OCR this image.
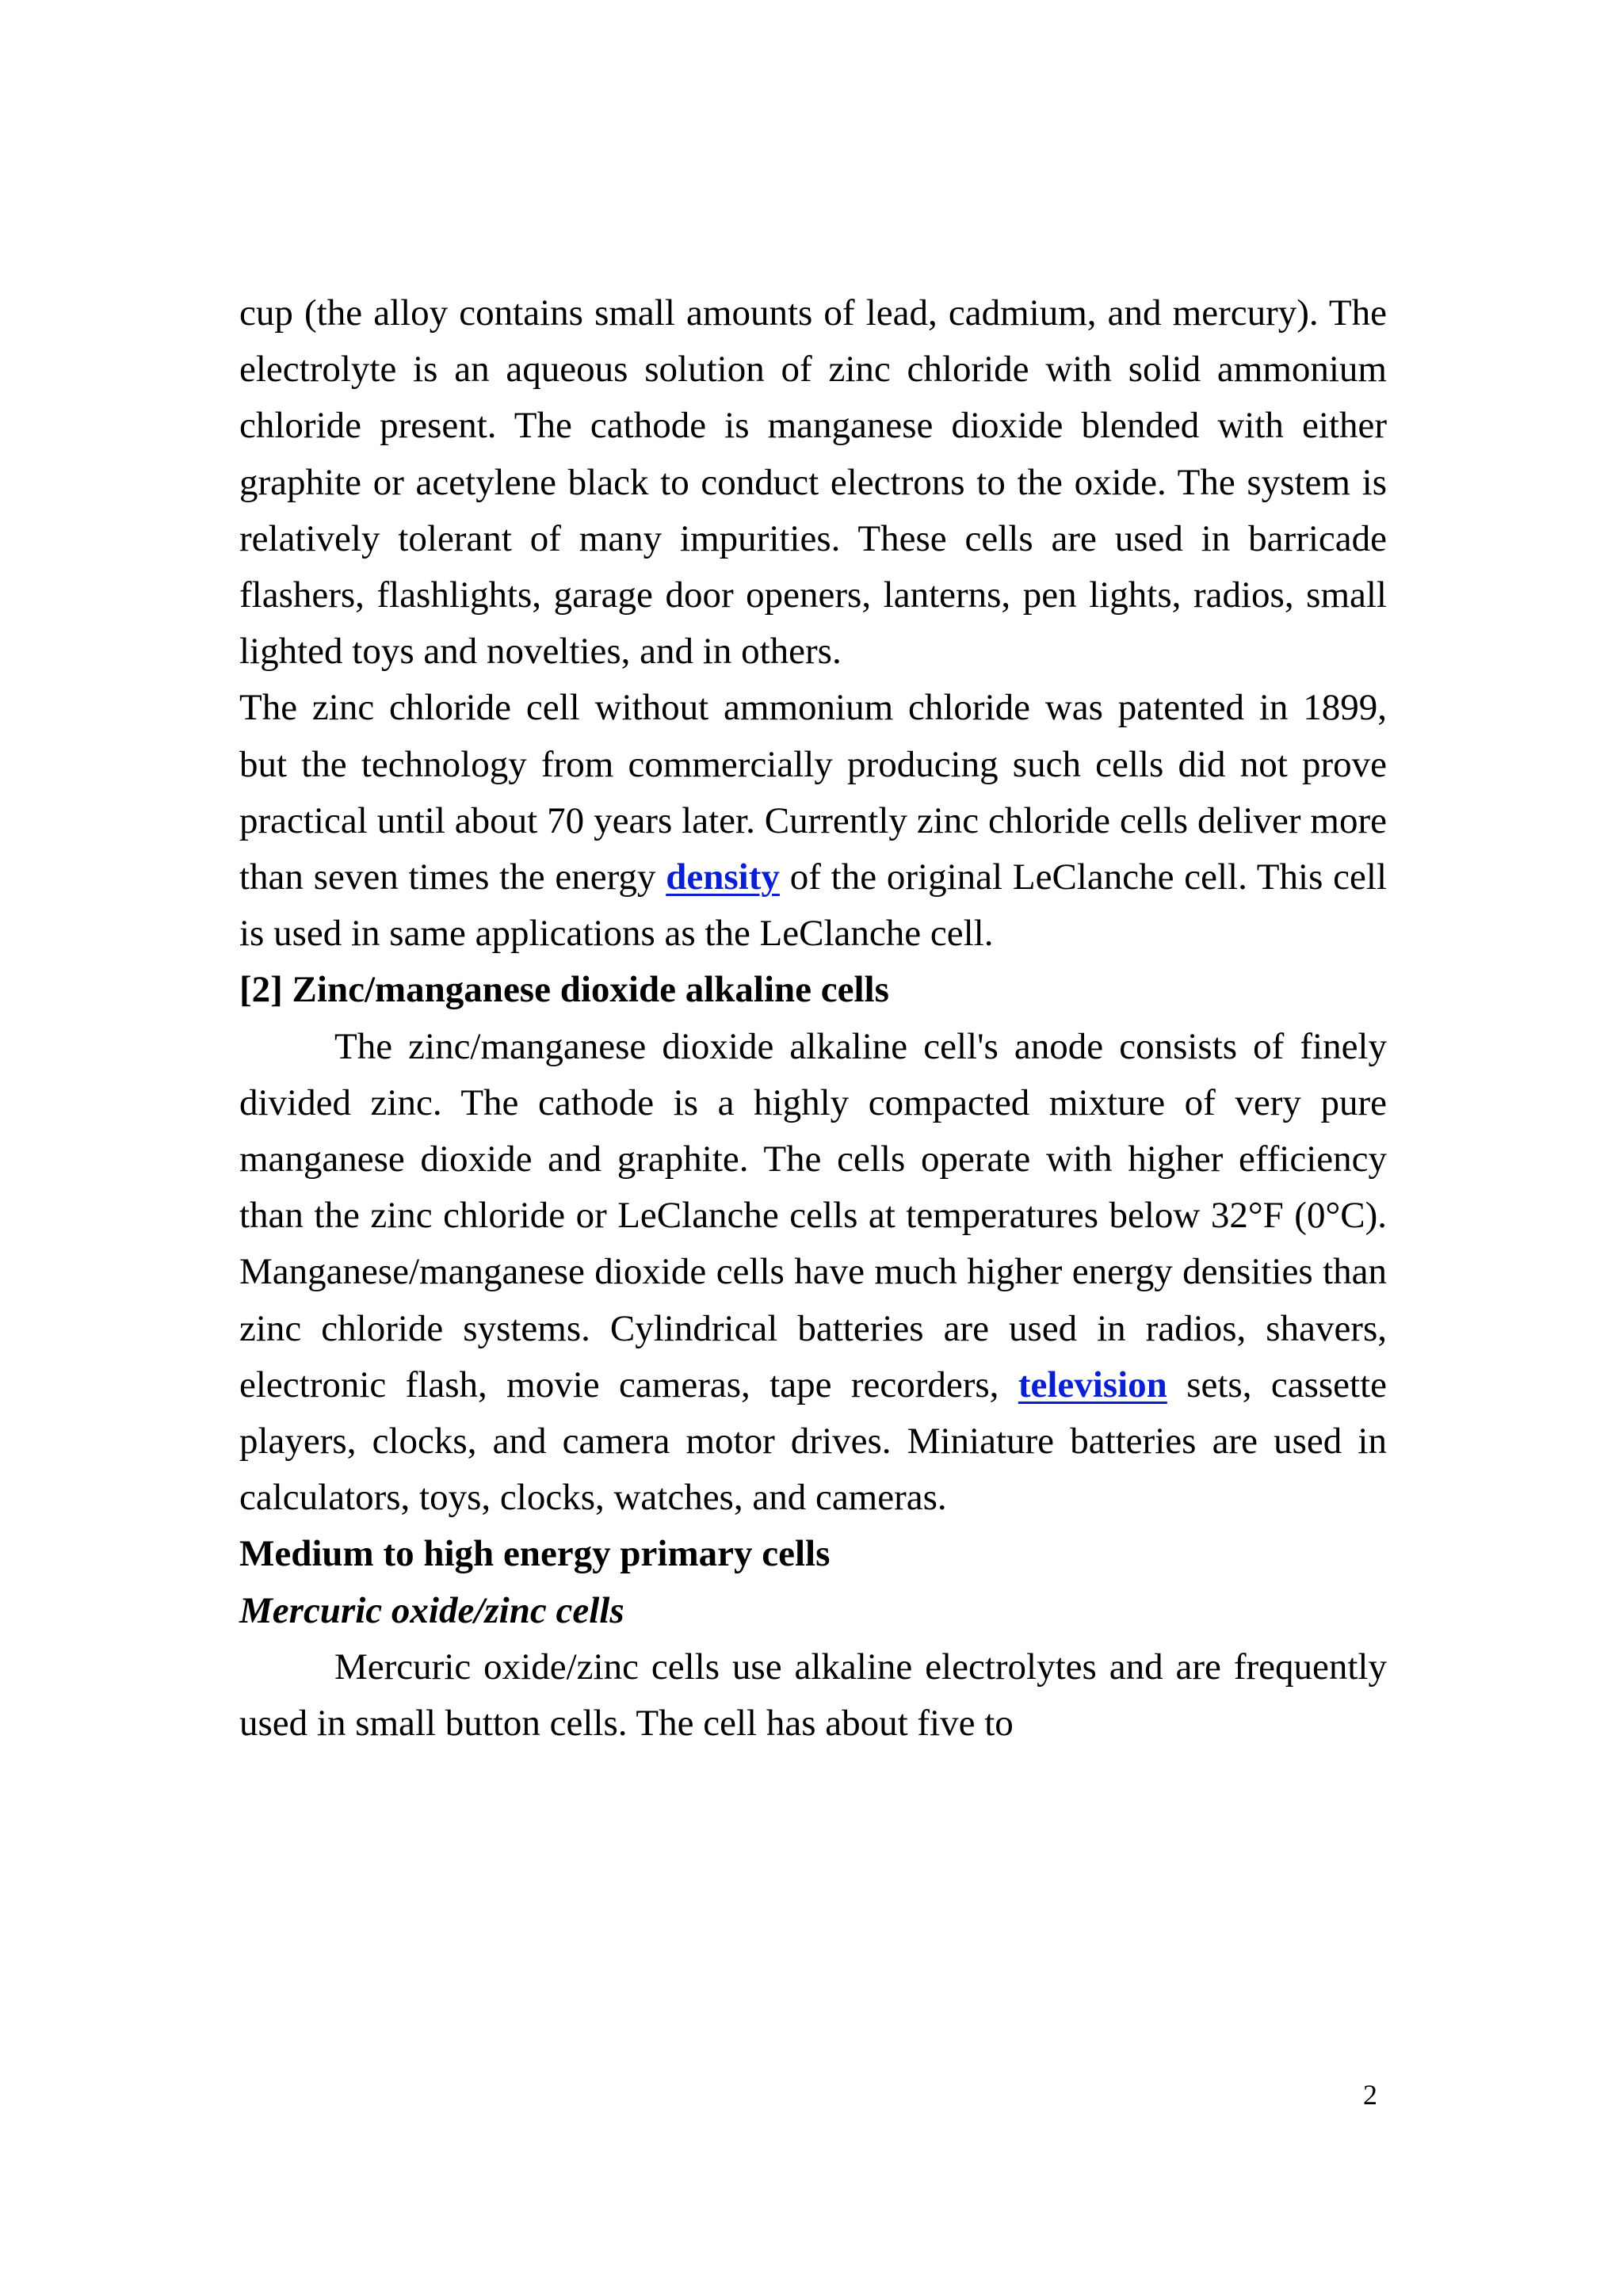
cup (the alloy contains small amounts of lead, cadmium, and mercury). The electrolyte is an aqueous solution of zinc chloride with solid ammonium chloride present. The cathode is manganese dioxide blended with either graphite or acetylene black to conduct electrons to the oxide. The system is relatively tolerant of many impurities. These cells are used in barricade flashers, flashlights, garage door openers, lanterns, pen lights, radios, small lighted toys and novelties, and in others.

The zinc chloride cell without ammonium chloride was patented in 1899, but the technology from commercially producing such cells did not prove practical until about 70 years later. Currently zinc chloride cells deliver more than seven times the energy density of the original LeClanche cell. This cell is used in same applications as the LeClanche cell.

[2] Zinc/manganese dioxide alkaline cells

The zinc/manganese dioxide alkaline cell's anode consists of finely divided zinc. The cathode is a highly compacted mixture of very pure manganese dioxide and graphite. The cells operate with higher efficiency than the zinc chloride or LeClanche cells at temperatures below 32°F (0°C). Manganese/manganese dioxide cells have much higher energy densities than zinc chloride systems. Cylindrical batteries are used in radios, shavers, electronic flash, movie cameras, tape recorders, television sets, cassette players, clocks, and camera motor drives. Miniature batteries are used in calculators, toys, clocks, watches, and cameras.

Medium to high energy primary cells

Mercuric oxide/zinc cells

Mercuric oxide/zinc cells use alkaline electrolytes and are frequently used in small button cells. The cell has about five to

2
